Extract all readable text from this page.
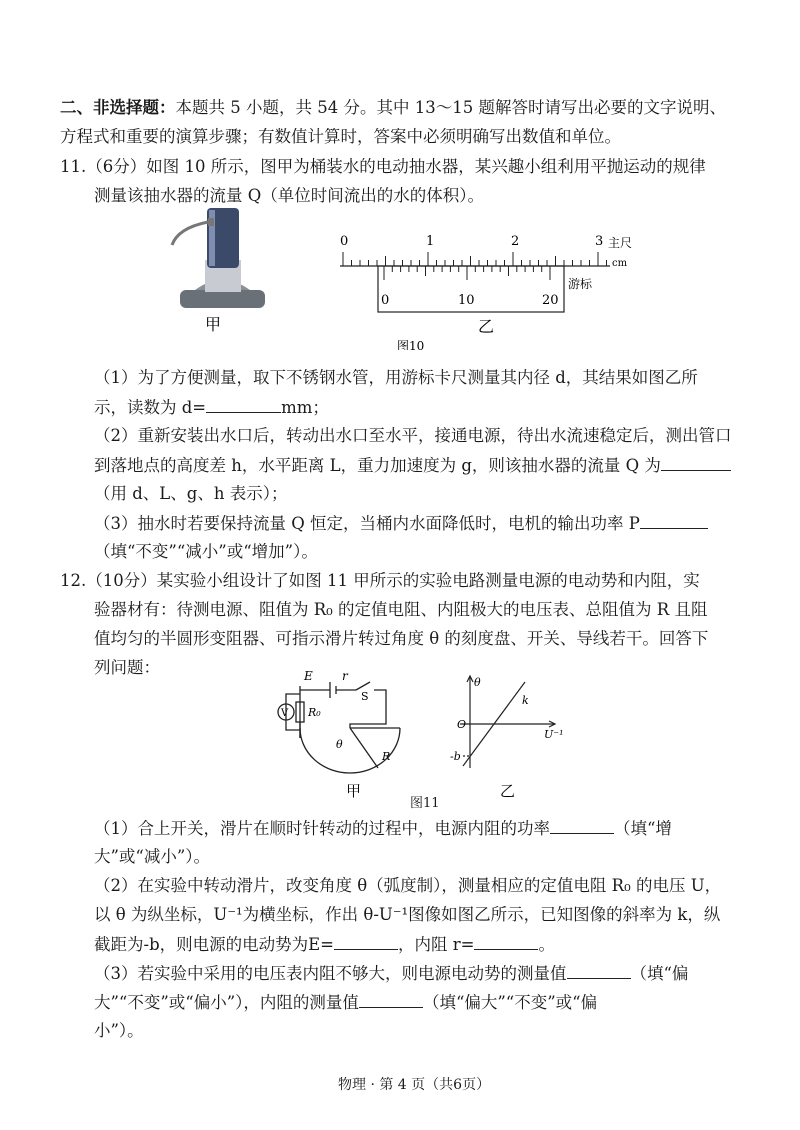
二、非选择题：本题共 5 小题，共 54 分。其中 13～15 题解答时请写出必要的文字说明、
方程式和重要的演算步骤；有数值计算时，答案中必须明确写出数值和单位。
11.（6分）如图 10 所示，图甲为桶装水的电动抽水器，某兴趣小组利用平抛运动的规律
测量该抽水器的流量 Q（单位时间流出的水的体积）。
0	1	2	3 主尺
cm
游标
0	10	20
甲	乙
图10
（1）为了方便测量，取下不锈钢水管，用游标卡尺测量其内径 d，其结果如图乙所
示，读数为 d=	mm；
（2）重新安装出水口后，转动出水口至水平，接通电源，待出水流速稳定后，测出管口
到落地点的高度差 h，水平距离 L，重力加速度为 g，则该抽水器的流量 Q 为
（用 d、L、g、h 表示）；
（3）抽水时若要保持流量 Q 恒定，当桶内水面降低时，电机的输出功率 P
（填“不变”“减小”或“增加”）。
12.（10分）某实验小组设计了如图 11 甲所示的实验电路测量电源的电动势和内阻，实
验器材有：待测电源、阻值为 R₀ 的定值电阻、内阻极大的电压表、总阻值为 R 且阻
值均匀的半圆形变阻器、可指示滑片转过角度 θ 的刻度盘、开关、导线若干。回答下
列问题：	E r
S
V R₀
θ
R
甲
θ
k
O
U⁻¹
-b
乙
图11
（1）合上开关，滑片在顺时针转动的过程中，电源内阻的功率	（填“增
大”或“减小”）。
（2）在实验中转动滑片，改变角度 θ（弧度制），测量相应的定值电阻 R₀ 的电压 U，
以 θ 为纵坐标，U⁻¹为横坐标，作出 θ-U⁻¹图像如图乙所示，已知图像的斜率为 k，纵
截距为-b，则电源的电动势为E=	，内阻 r=	。
（3）若实验中采用的电压表内阻不够大，则电源电动势的测量值	（填“偏
大”“不变”或“偏小”），内阻的测量值	（填“偏大”“不变”或“偏
小”）。
物理 · 第 4 页（共6页）
